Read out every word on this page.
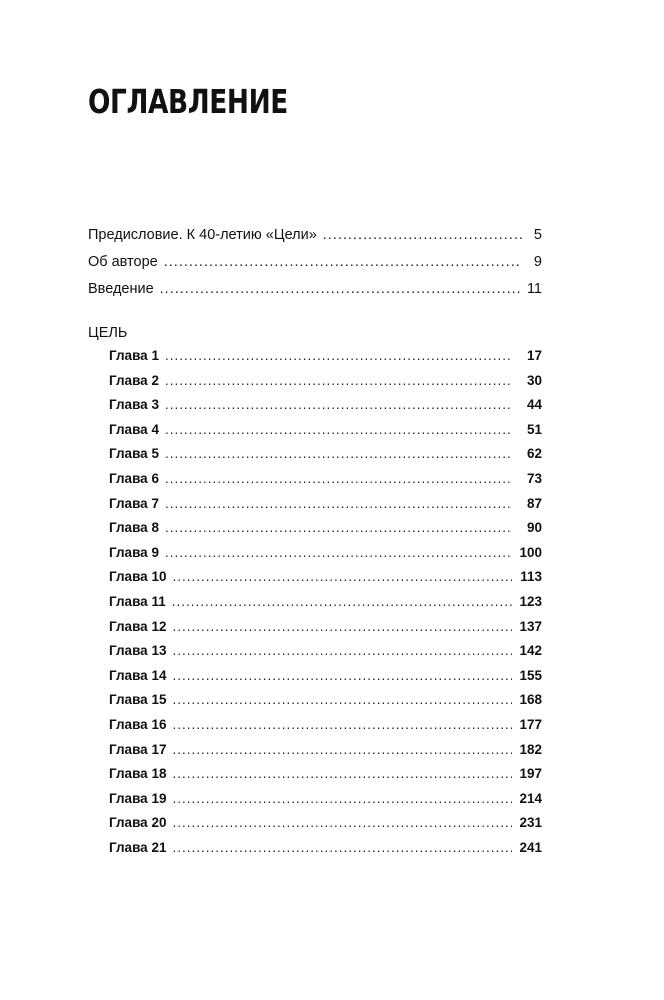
ОГЛАВЛЕНИЕ
Предисловие. К 40-летию «Цели» .....	5
Об авторе .....	9
Введение .....	11
ЦЕЛЬ
Глава 1 .....	17
Глава 2 .....	30
Глава 3 .....	44
Глава 4 .....	51
Глава 5 .....	62
Глава 6 .....	73
Глава 7 .....	87
Глава 8 .....	90
Глава 9 .....	100
Глава 10 .....	113
Глава 11 .....	123
Глава 12 .....	137
Глава 13 .....	142
Глава 14 .....	155
Глава 15 .....	168
Глава 16 .....	177
Глава 17 .....	182
Глава 18 .....	197
Глава 19 .....	214
Глава 20 .....	231
Глава 21 .....	241
